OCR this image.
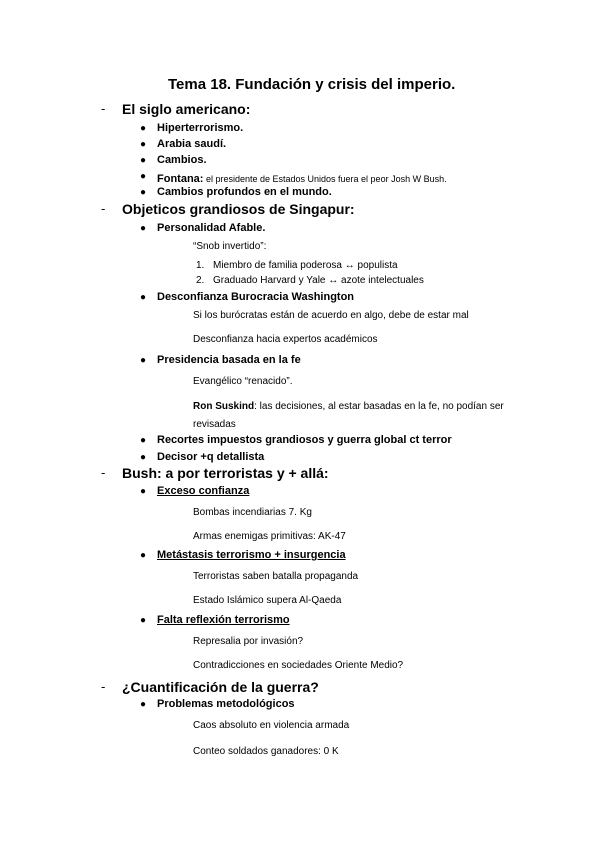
Tema 18. Fundación y crisis del imperio.
- El siglo americano:
● Hiperterrorismo.
● Arabia saudí.
● Cambios.
● Fontana: el presidente de Estados Unidos fuera el peor Josh W Bush.
● Cambios profundos en el mundo.
- Objeticos grandiosos de Singapur:
● Personalidad Afable.
“Snob invertido”:
1. Miembro de familia poderosa ↔ populista
2. Graduado Harvard y Yale ↔ azote intelectuales
● Desconfianza Burocracia Washington
Si los burócratas están de acuerdo en algo, debe de estar mal
Desconfianza hacia expertos académicos
● Presidencia basada en la fe
Evangélico “renacido”.
Ron Suskind: las decisiones, al estar basadas en la fe, no podían ser
revisadas
● Recortes impuestos grandiosos y guerra global ct terror
● Decisor +q detallista
- Bush: a por terroristas y + allá:
● Exceso confianza
Bombas incendiarias 7. Kg
Armas enemigas primitivas: AK-47
● Metástasis terrorismo + insurgencia
Terroristas saben batalla propaganda
Estado Islámico supera Al-Qaeda
● Falta reflexión terrorismo
Represalia por invasión?
Contradicciones en sociedades Oriente Medio?
- ¿Cuantificación de la guerra?
● Problemas metodológicos
Caos absoluto en violencia armada
Conteo soldados ganadores: 0 K
